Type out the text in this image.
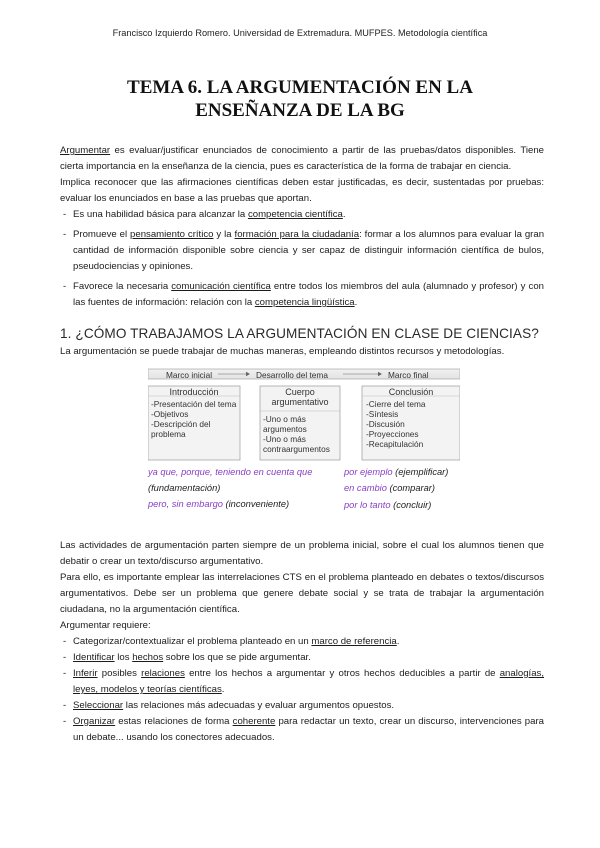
Francisco Izquierdo Romero. Universidad de Extremadura. MUFPES. Metodología científica
TEMA 6. LA ARGUMENTACIÓN EN LA
ENSEÑANZA DE LA BG

Argumentar es evaluar/justificar enunciados de conocimiento a partir de las pruebas/datos disponibles. Tiene cierta importancia en la enseñanza de la ciencia, pues es característica de la forma de trabajar en ciencia.

Implica reconocer que las afirmaciones científicas deben estar justificadas, es decir, sustentadas por pruebas: evaluar los enunciados en base a las pruebas que aportan.

- Es una habilidad básica para alcanzar la competencia científica.
- Promueve el pensamiento crítico y la formación para la ciudadanía: formar a los alumnos para evaluar la gran cantidad de información disponible sobre ciencia y ser capaz de distinguir información científica de bulos, pseudociencias y opiniones.
- Favorece la necesaria comunicación científica entre todos los miembros del aula (alumnado y profesor) y con las fuentes de información: relación con la competencia lingüística.
1. ¿CÓMO TRABAJAMOS LA ARGUMENTACIÓN EN CLASE DE CIENCIAS?

La argumentación se puede trabajar de muchas maneras, empleando distintos recursos y metodologías.

Marco inicial	Desarrollo del tema	Marco final
Introducción
-Presentación del tema
-Objetivos
-Descripción del
problema
Cuerpo
argumentativo
-Uno o más
argumentos
-Uno o más
contraargumentos
Conclusión
-Cierre del tema
-Síntesis
-Discusión
-Proyecciones
-Recapitulación
ya que, porque, teniendo en cuenta que
(fundamentación)
pero, sin embargo (inconveniente)
por ejemplo (ejemplificar)
en cambio (comparar)
por lo tanto (concluir)

Las actividades de argumentación parten siempre de un problema inicial, sobre el cual los alumnos tienen que debatir o crear un texto/discurso argumentativo.

Para ello, es importante emplear las interrelaciones CTS en el problema planteado en debates o textos/discursos argumentativos. Debe ser un problema que genere debate social y se trata de trabajar la argumentación ciudadana, no la argumentación científica.

Argumentar requiere:

- Categorizar/contextualizar el problema planteado en un marco de referencia.
- Identificar los hechos sobre los que se pide argumentar.
- Inferir posibles relaciones entre los hechos a argumentar y otros hechos deducibles a partir de analogías, leyes, modelos y teorías científicas.
- Seleccionar las relaciones más adecuadas y evaluar argumentos opuestos.
- Organizar estas relaciones de forma coherente para redactar un texto, crear un discurso, intervenciones para un debate... usando los conectores adecuados.
